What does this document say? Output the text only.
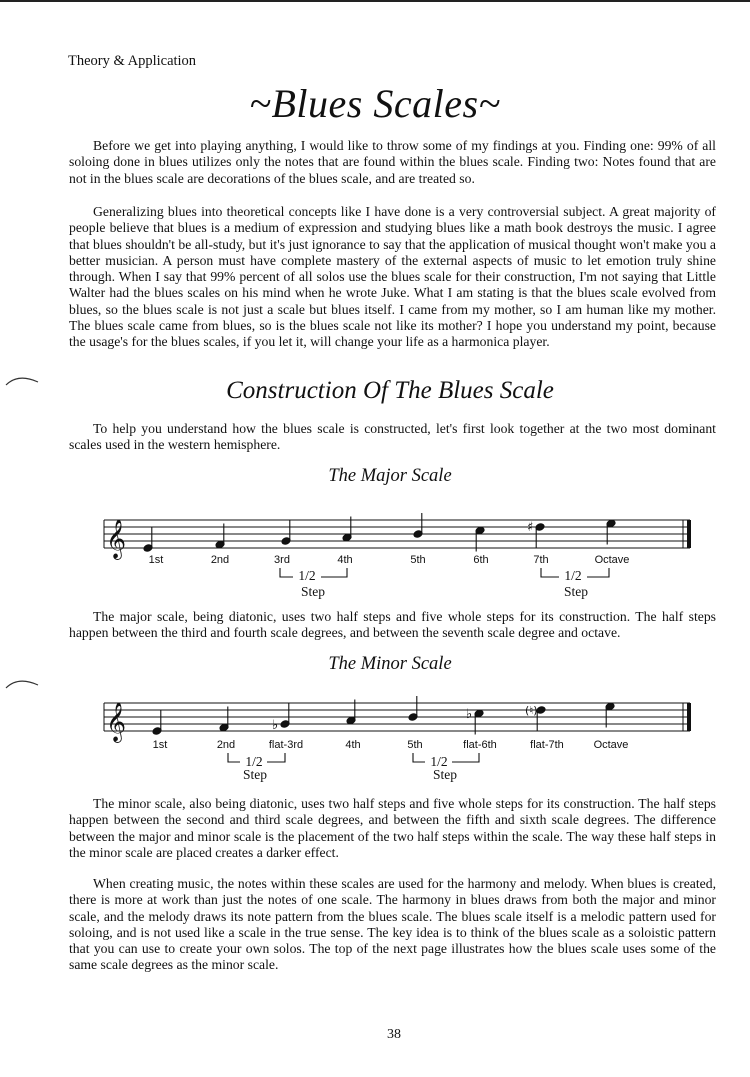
Theory & Application
~Blues Scales~

Before we get into playing anything, I would like to throw some of my findings at you. Finding one: 99% of all soloing done in blues utilizes only the notes that are found within the blues scale. Finding two: Notes found that are not in the blues scale are decorations of the blues scale, and are treated so.

Generalizing blues into theoretical concepts like I have done is a very controversial subject. A great majority of people believe that blues is a medium of expression and studying blues like a math book destroys the music. I agree that blues shouldn't be all-study, but it's just ignorance to say that the application of musical thought won't make you a better musician. A person must have complete mastery of the external aspects of music to let emotion truly shine through. When I say that 99% percent of all solos use the blues scale for their construction, I'm not saying that Little Walter had the blues scales on his mind when he wrote Juke. What I am stating is that the blues scale evolved from blues, so the blues scale is not just a scale but blues itself. I came from my mother, so I am human like my mother. The blues scale came from blues, so is the blues scale not like its mother? I hope you understand my point, because the usage's for the blues scales, if you let it, will change your life as a harmonica player.

Construction Of The Blues Scale

To help you understand how the blues scale is constructed, let's first look together at the two most dominant scales used in the western hemisphere.

The Major Scale
𝄞	♯
1st	2nd	3rd	4th	5th	6th	7th	Octave
1/2
Step
1/2
Step

The major scale, being diatonic, uses two half steps and five whole steps for its construction. The half steps happen between the third and fourth scale degrees, and between the seventh scale degree and octave.

The Minor Scale
𝄞	♭
♭	(♮)
1st	2nd	flat-3rd	4th	5th	flat-6th	flat-7th	Octave
1/2
Step
1/2
Step

The minor scale, also being diatonic, uses two half steps and five whole steps for its construction. The half steps happen between the second and third scale degrees, and between the fifth and sixth scale degrees. The difference between the major and minor scale is the placement of the two half steps within the scale. The way these half steps in the minor scale are placed creates a darker effect.

When creating music, the notes within these scales are used for the harmony and melody. When blues is created, there is more at work than just the notes of one scale. The harmony in blues draws from both the major and minor scale, and the melody draws its note pattern from the blues scale. The blues scale itself is a melodic pattern used for soloing, and is not used like a scale in the true sense. The key idea is to think of the blues scale as a soloistic pattern that you can use to create your own solos. The top of the next page illustrates how the blues scale uses some of the same scale degrees as the minor scale.

38
